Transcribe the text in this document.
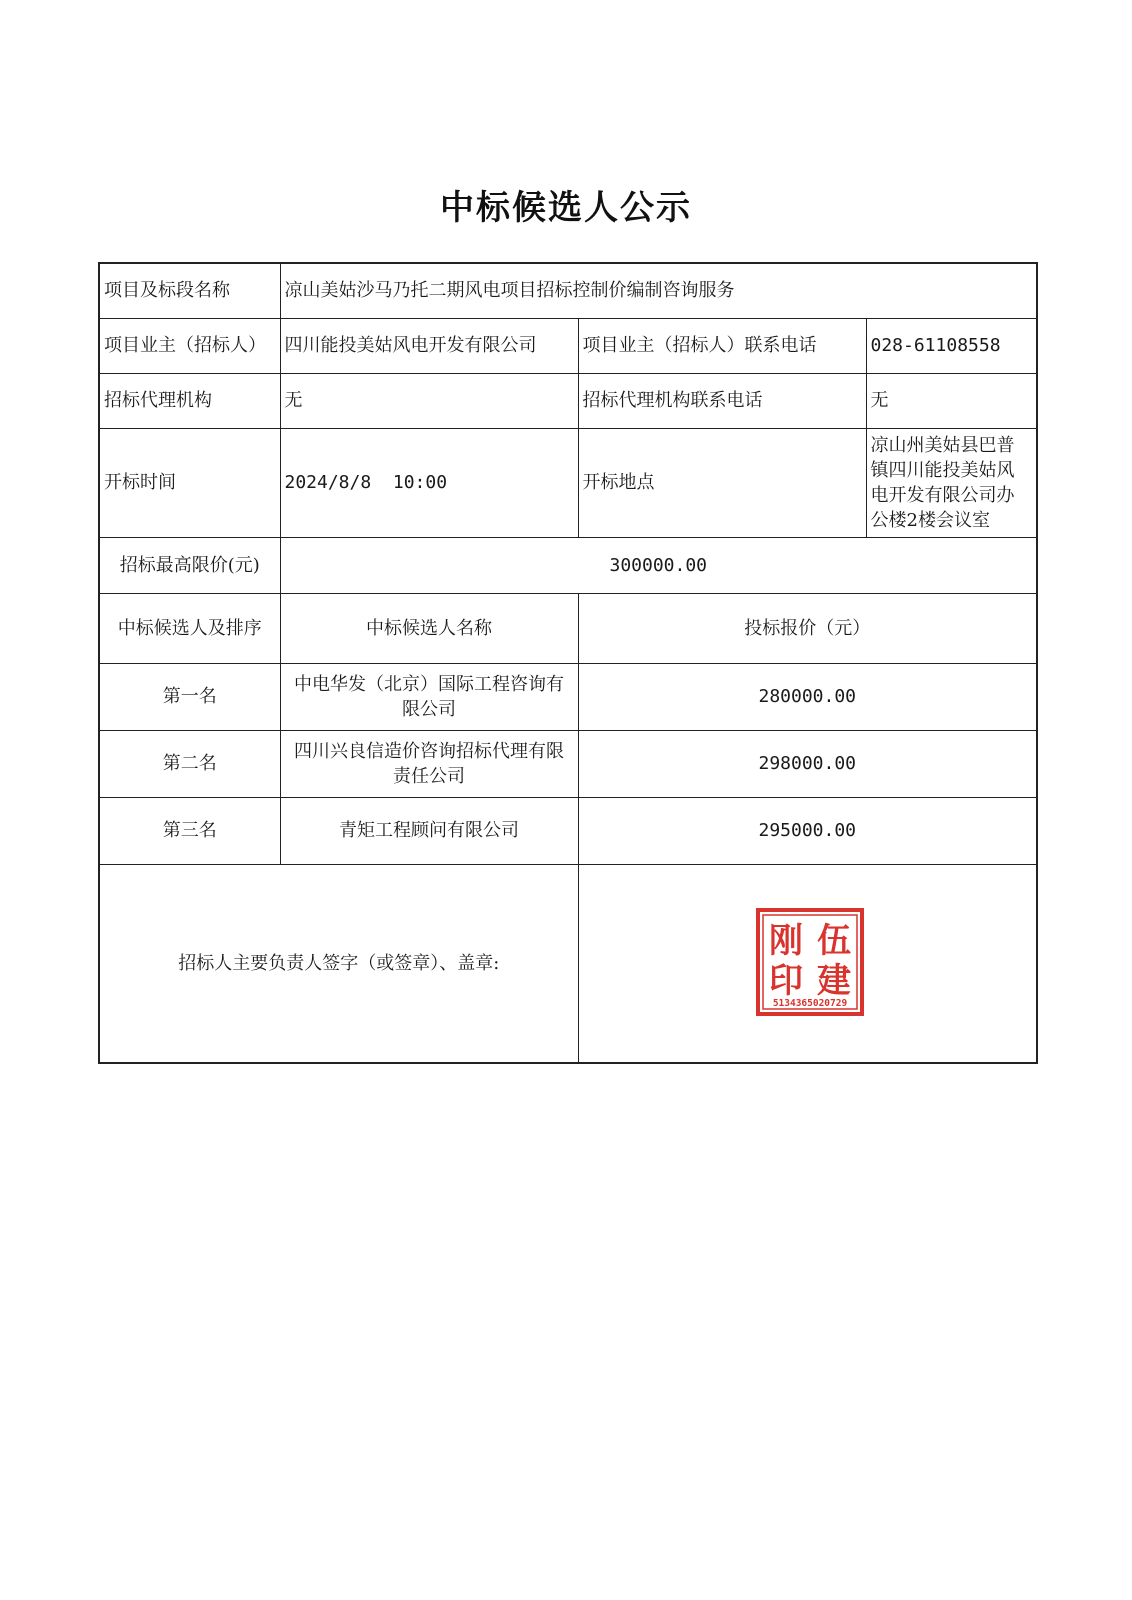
中标候选人公示
项目及标段名称	凉山美姑沙马乃托二期风电项目招标控制价编制咨询服务		
项目业主（招标人）	四川能投美姑风电开发有限公司	项目业主（招标人）联系电话	028-61108558
招标代理机构	无	招标代理机构联系电话	无
开标时间	2024/8/8  10:00	开标地点	凉山州美姑县巴普镇四川能投美姑风电开发有限公司办公楼2楼会议室
招标最高限价(元)	300000.00		
中标候选人及排序	中标候选人名称	投标报价（元）	
第一名	中电华发（北京）国际工程咨询有限公司	280000.00	
第二名	四川兴良信造价咨询招标代理有限责任公司	298000.00	
第三名	青矩工程顾问有限公司	295000.00	
招标人主要负责人签字（或签章）、盖章:			
刚 伍
印 建
5134365020729
